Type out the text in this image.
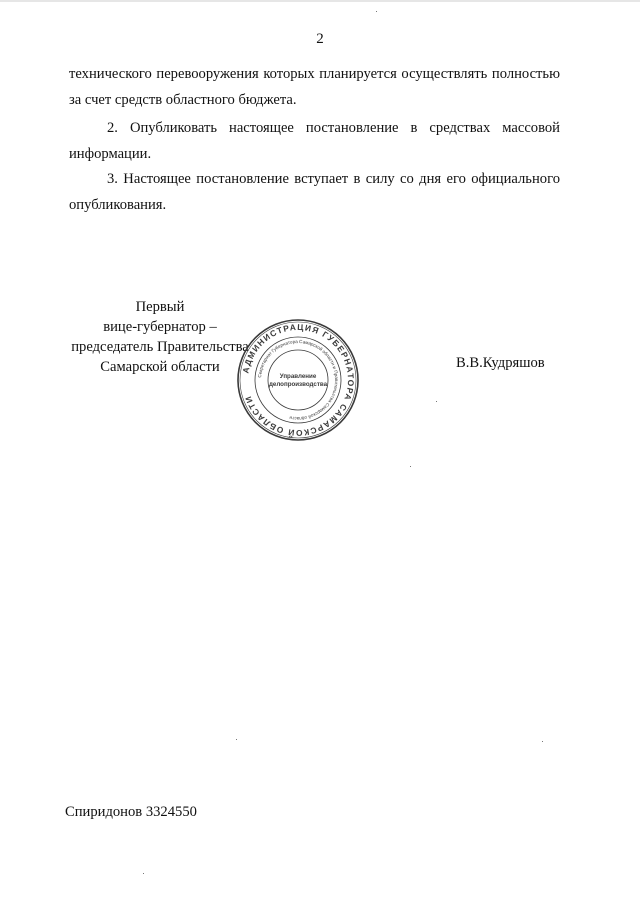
2

технического перевооружения которых планируется осуществлять полностью за счет средств областного бюджета.

2. Опубликовать настоящее постановление в средствах массовой информации.

3. Настоящее постановление вступает в силу со дня его официального опубликования.

Первый
вице-губернатор –
председатель Правительства
Самарской области	АДМИНИСТРАЦИЯ ГУБЕРНАТОРА САМАРСКОЙ ОБЛАСТИ
Секретариат Губернатора Самарской области и Правительства Самарской области
Управление
делопроизводства
В.В.Кудряшов
Спиридонов 3324550
